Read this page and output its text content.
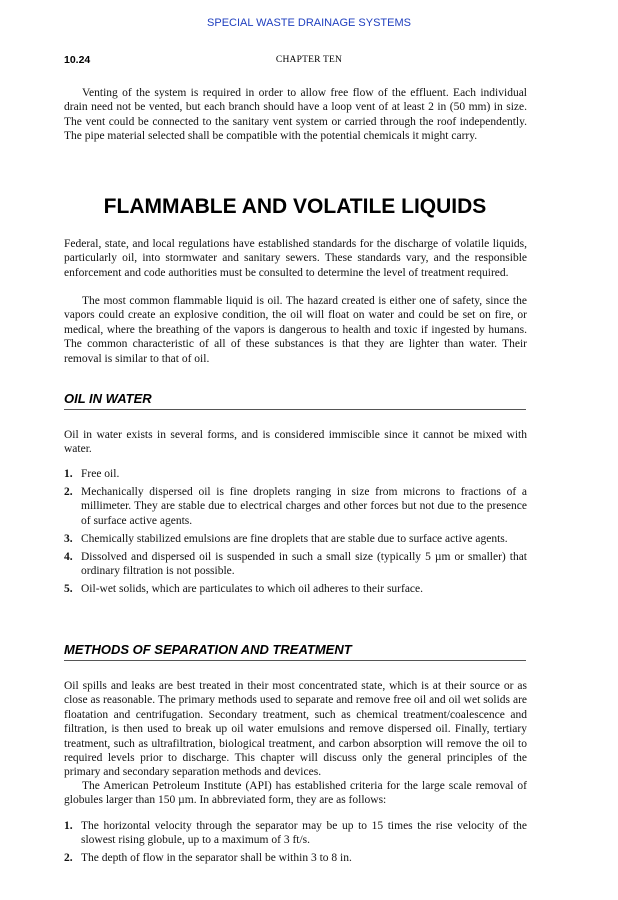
SPECIAL WASTE DRAINAGE SYSTEMS
10.24	CHAPTER TEN

Venting of the system is required in order to allow free flow of the effluent. Each individual drain need not be vented, but each branch should have a loop vent of at least 2 in (50 mm) in size. The vent could be connected to the sanitary vent system or carried through the roof independently. The pipe material selected shall be compatible with the potential chemicals it might carry.

FLAMMABLE AND VOLATILE LIQUIDS

Federal, state, and local regulations have established standards for the discharge of volatile liquids, particularly oil, into stormwater and sanitary sewers. These standards vary, and the responsible enforcement and code authorities must be consulted to determine the level of treatment required.

The most common flammable liquid is oil. The hazard created is either one of safety, since the vapors could create an explosive condition, the oil will float on water and could be set on fire, or medical, where the breathing of the vapors is dangerous to health and toxic if ingested by humans. The common characteristic of all of these substances is that they are lighter than water. Their removal is similar to that of oil.

OIL IN WATER

Oil in water exists in several forms, and is considered immiscible since it cannot be mixed with water.

1. Free oil.
2. Mechanically dispersed oil is fine droplets ranging in size from microns to fractions of a millimeter. They are stable due to electrical charges and other forces but not due to the presence of surface active agents.
3. Chemically stabilized emulsions are fine droplets that are stable due to surface active agents.
4. Dissolved and dispersed oil is suspended in such a small size (typically 5 µm or smaller) that ordinary filtration is not possible.
5. Oil-wet solids, which are particulates to which oil adheres to their surface.
METHODS OF SEPARATION AND TREATMENT

Oil spills and leaks are best treated in their most concentrated state, which is at their source or as close as reasonable. The primary methods used to separate and remove free oil and oil wet solids are floatation and centrifugation. Secondary treatment, such as chemical treatment/coalescence and filtration, is then used to break up oil water emulsions and remove dispersed oil. Finally, tertiary treatment, such as ultrafiltration, biological treatment, and carbon absorption will remove the oil to required levels prior to discharge. This chapter will discuss only the general principles of the primary and secondary separation methods and devices.

The American Petroleum Institute (API) has established criteria for the large scale removal of globules larger than 150 µm. In abbreviated form, they are as follows:

1. The horizontal velocity through the separator may be up to 15 times the rise velocity of the slowest rising globule, up to a maximum of 3 ft/s.
2. The depth of flow in the separator shall be within 3 to 8 in.
